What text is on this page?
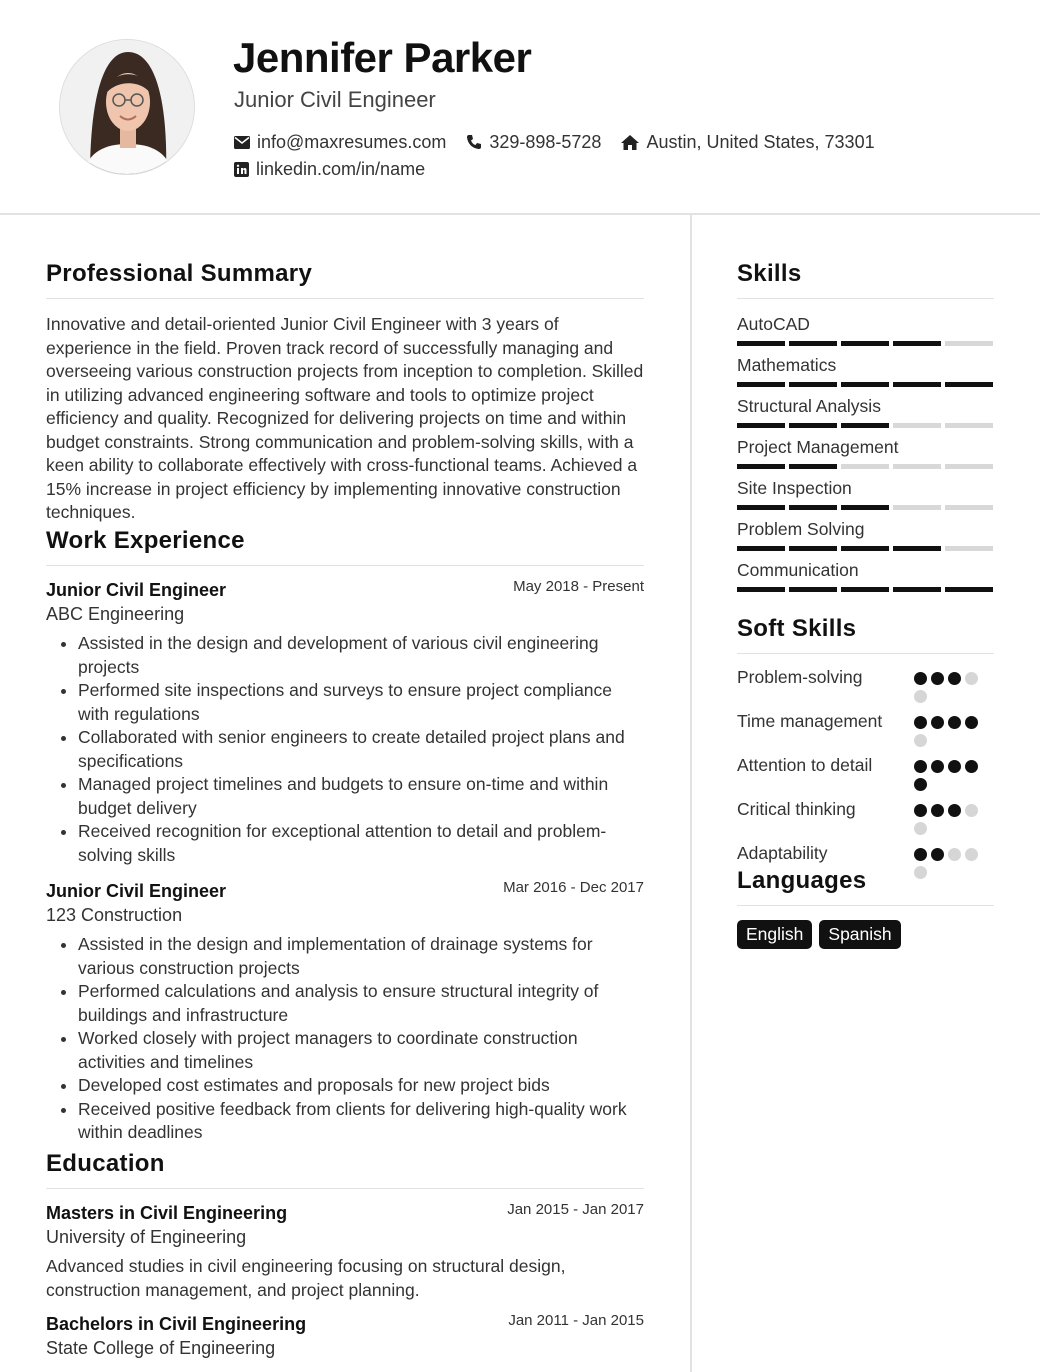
Jennifer Parker
Junior Civil Engineer
info@maxresumes.com 329-898-5728	Austin, United States, 73301
linkedin.com/in/name
Professional Summary
Innovative and detail-oriented Junior Civil Engineer with 3 years of experience in the field. Proven track record of successfully managing and overseeing various construction projects from inception to completion. Skilled in utilizing advanced engineering software and tools to optimize project efficiency and quality. Recognized for delivering projects on time and within budget constraints. Strong communication and problem-solving skills, with a keen ability to collaborate effectively with cross-functional teams. Achieved a 15% increase in project efficiency by implementing innovative construction techniques.
Work Experience
Junior Civil Engineer	May 2018 - Present
ABC Engineering
• Assisted in the design and development of various civil engineering projects
• Performed site inspections and surveys to ensure project compliance with regulations
• Collaborated with senior engineers to create detailed project plans and specifications
• Managed project timelines and budgets to ensure on-time and within budget delivery
• Received recognition for exceptional attention to detail and problem-solving skills
Junior Civil Engineer	Mar 2016 - Dec 2017
123 Construction
• Assisted in the design and implementation of drainage systems for various construction projects
• Performed calculations and analysis to ensure structural integrity of buildings and infrastructure
• Worked closely with project managers to coordinate construction activities and timelines
• Developed cost estimates and proposals for new project bids
• Received positive feedback from clients for delivering high-quality work within deadlines
Education
Masters in Civil Engineering	Jan 2015 - Jan 2017
University of Engineering
Advanced studies in civil engineering focusing on structural design, construction management, and project planning.
Bachelors in Civil Engineering	Jan 2011 - Jan 2015
State College of Engineering
Skills
AutoCAD
Mathematics
Structural Analysis
Project Management
Site Inspection
Problem Solving
Communication
Soft Skills
Problem-solving
Time management
Attention to detail
Critical thinking
Adaptability
Languages
English	Spanish
